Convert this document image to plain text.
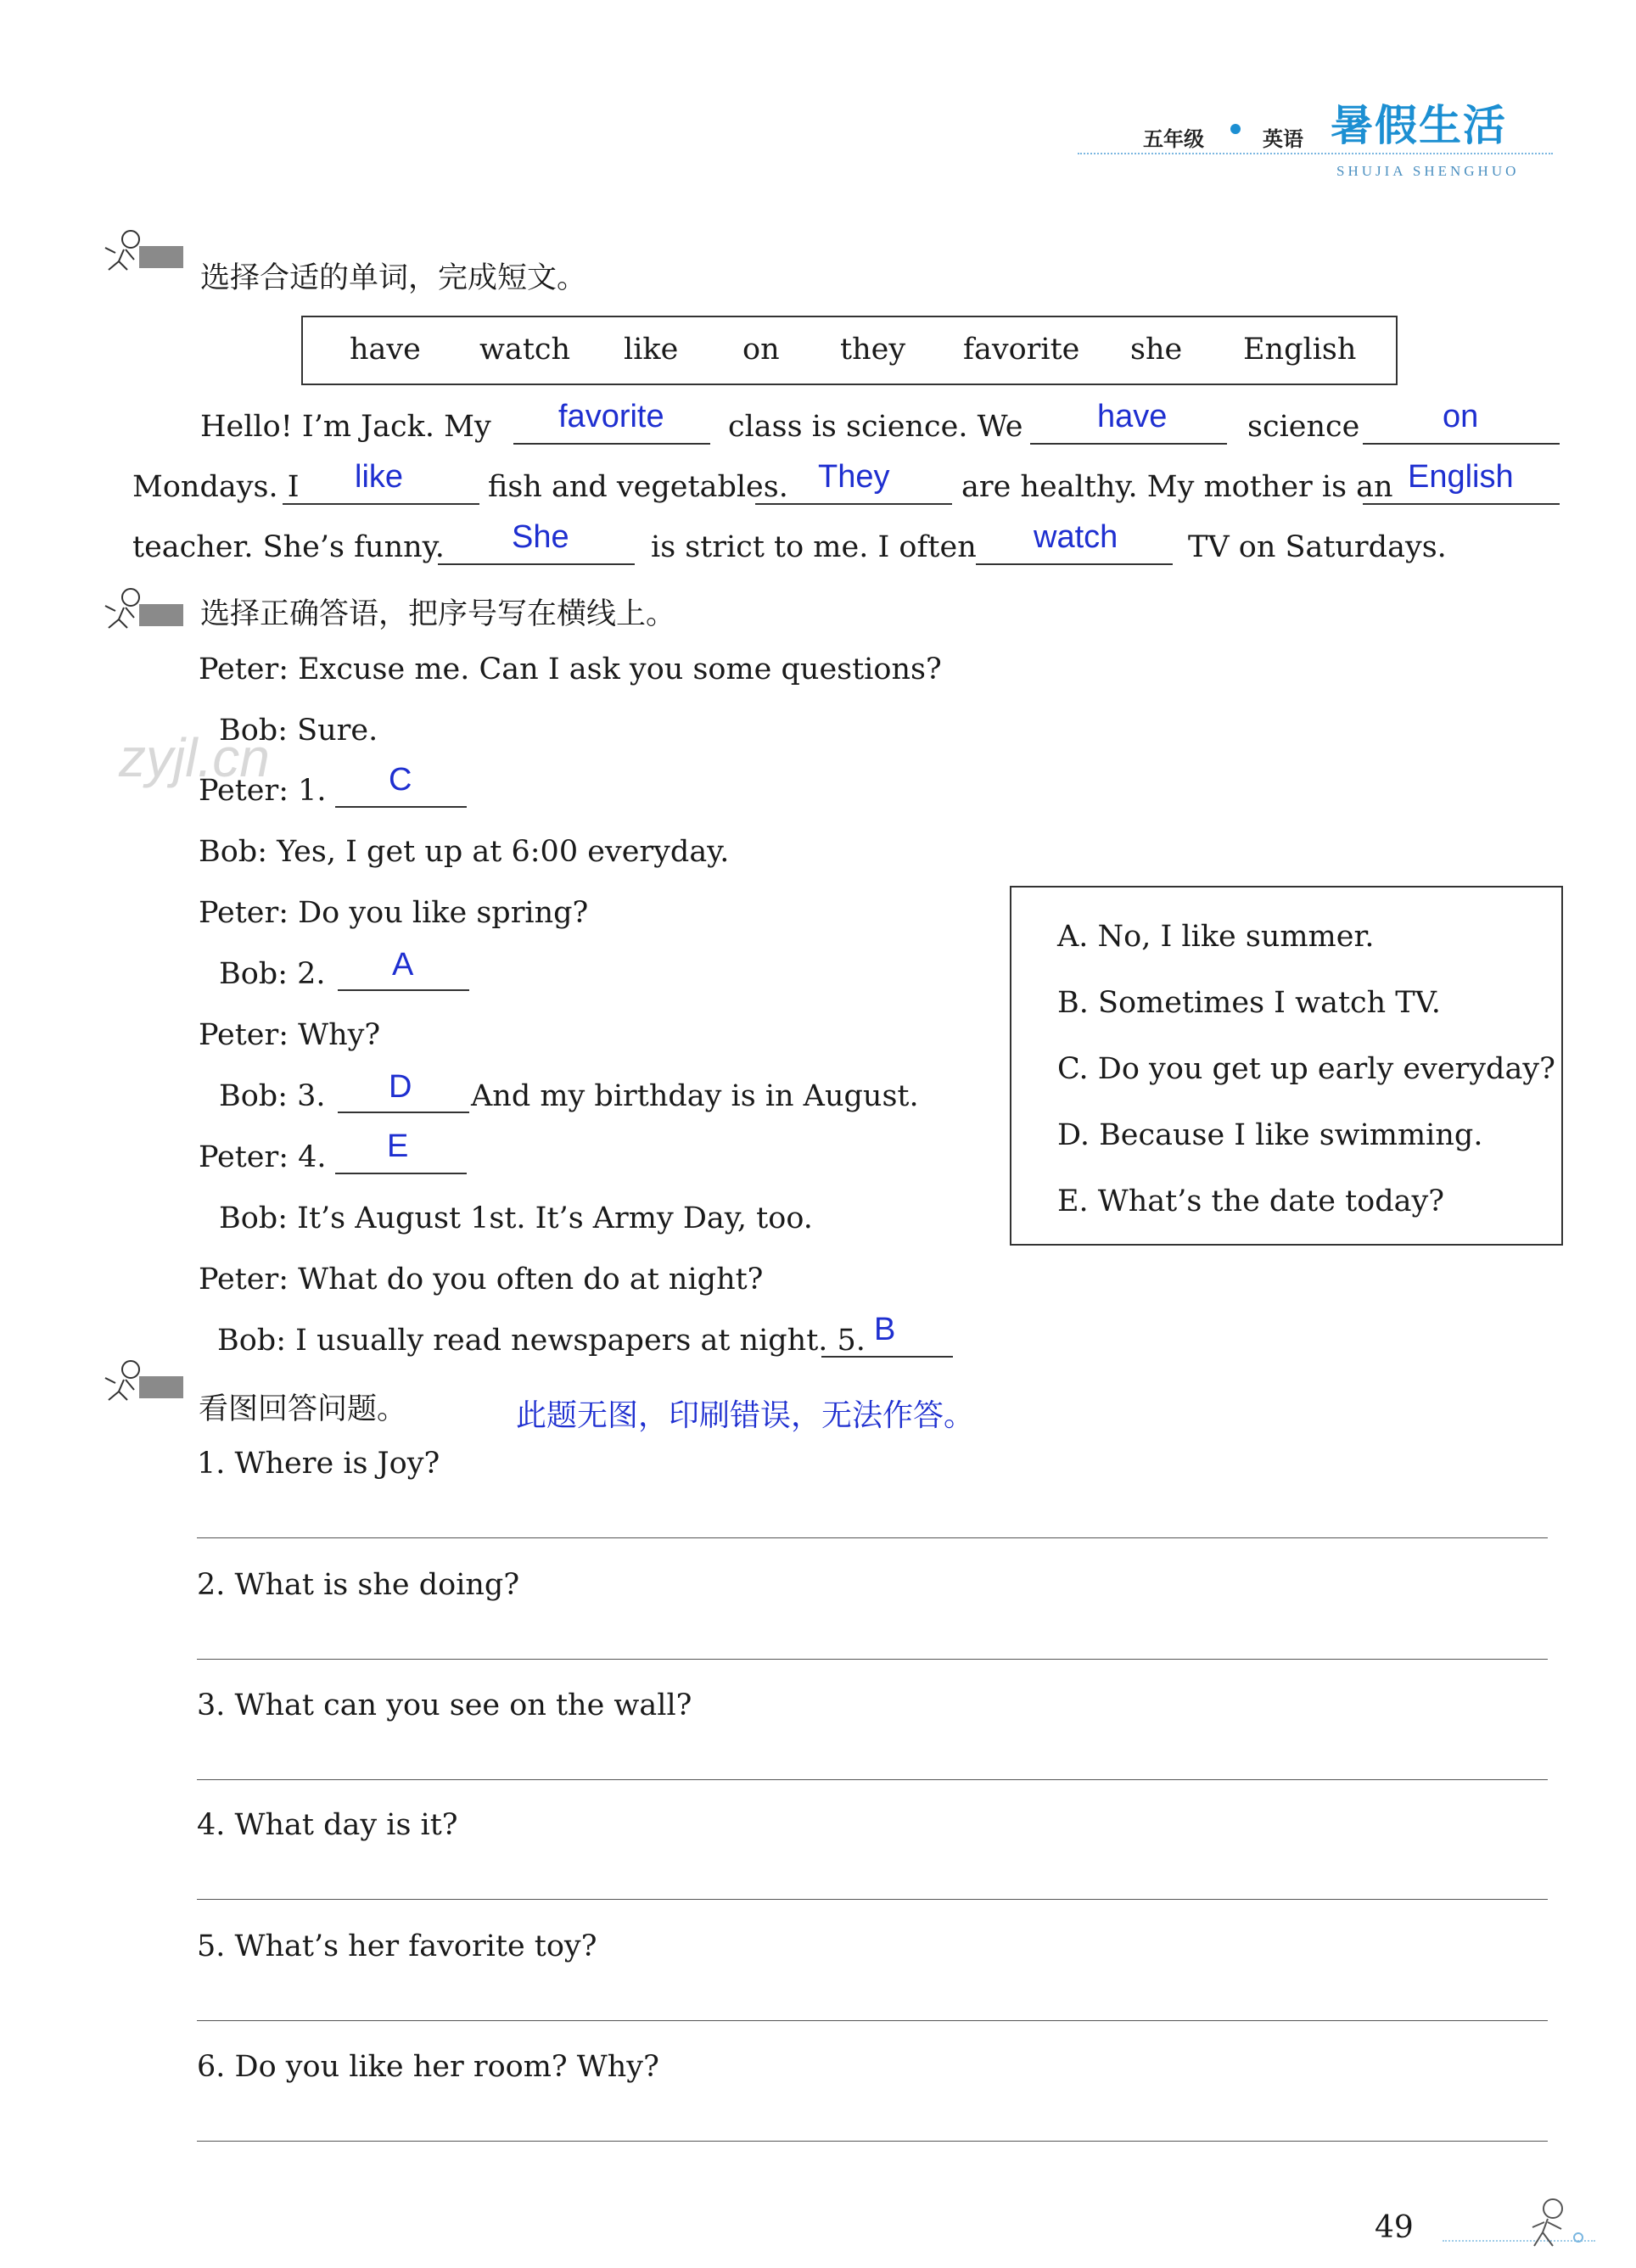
五年级	英语 暑假生活
SHUJIA SHENGHUO
选择合适的单词，完成短文。
have watch like on they favorite she English
Hello! I’m Jack. My favorite class is science. We have	science	on
Mondays. I like	fish and vegetables. They are healthy. My mother is an English
teacher. She’s funny. She	is strict to me. I often watch TV on Saturdays.
选择正确答语，把序号写在横线上。
zyjl.cn
Peter: Excuse me. Can I ask you some questions?
Bob: Sure.
Peter: 1. C
Bob: Yes, I get up at 6:00 everyday.
Peter: Do you like spring?
Bob: 2. A
Peter: Why?
Bob: 3. D And my birthday is in August.
Peter: 4. E
Bob: It’s August 1st. It’s Army Day, too.
Peter: What do you often do at night?
Bob: I usually read newspapers at night. 5. B
A. No, I like summer.
B. Sometimes I watch TV.
C. Do you get up early everyday?
D. Because I like swimming.
E. What’s the date today?
看图回答问题。	此题无图，印刷错误，无法作答。
1. Where is Joy?
2. What is she doing?
3. What can you see on the wall?
4. What day is it?
5. What’s her favorite toy?
6. Do you like her room? Why?
49
